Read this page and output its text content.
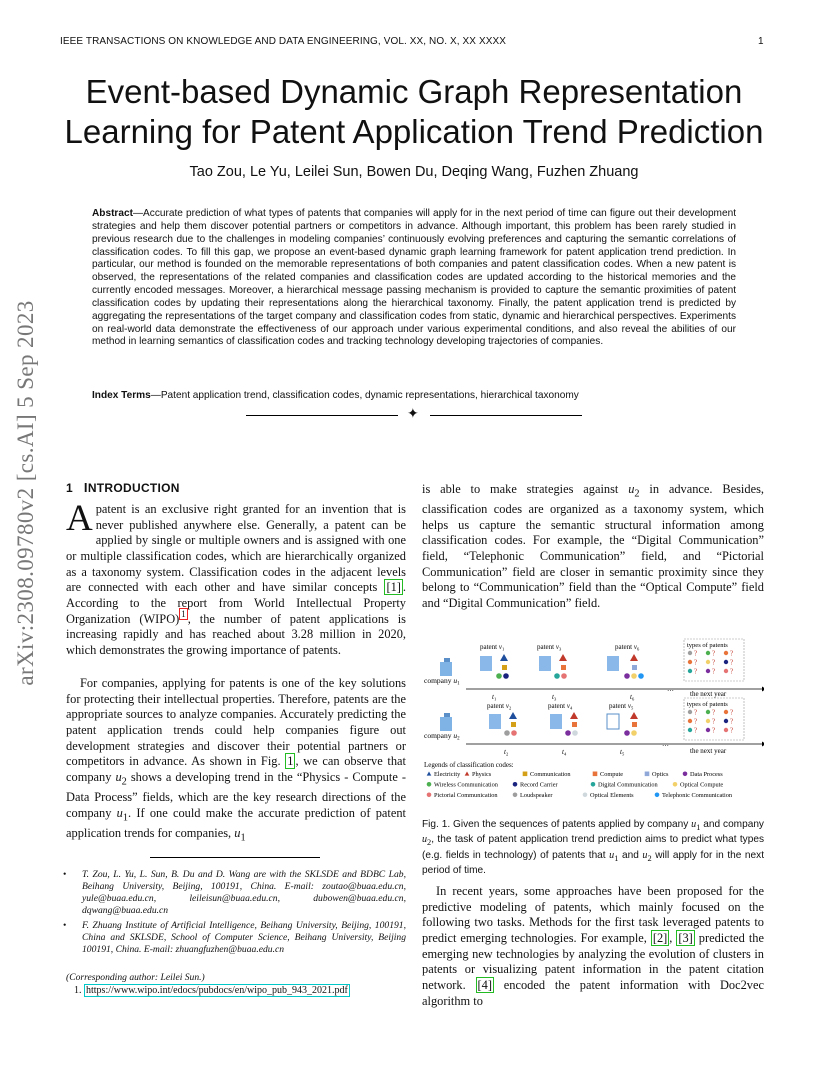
IEEE TRANSACTIONS ON KNOWLEDGE AND DATA ENGINEERING, VOL. XX, NO. X, XX XXXX	1
Event-based Dynamic Graph Representation Learning for Patent Application Trend Prediction
Tao Zou, Le Yu, Leilei Sun, Bowen Du, Deqing Wang, Fuzhen Zhuang
Abstract—Accurate prediction of what types of patents that companies will apply for in the next period of time can figure out their development strategies and help them discover potential partners or competitors in advance. Although important, this problem has been rarely studied in previous research due to the challenges in modeling companies’ continuously evolving preferences and capturing the semantic correlations of classification codes. To fill this gap, we propose an event-based dynamic graph learning framework for patent application trend prediction. In particular, our method is founded on the memorable representations of both companies and patent classification codes. When a new patent is observed, the representations of the related companies and classification codes are updated according to the historical memories and the currently encoded messages. Moreover, a hierarchical message passing mechanism is provided to capture the semantic proximities of patent classification codes by updating their representations along the hierarchical taxonomy. Finally, the patent application trend is predicted by aggregating the representations of the target company and classification codes from static, dynamic and hierarchical perspectives. Experiments on real-world data demonstrate the effectiveness of our approach under various experimental conditions, and also reveal the abilities of our method in learning semantics of classification codes and tracking technology developing trajectories of companies.
Index Terms—Patent application trend, classification codes, dynamic representations, hierarchical taxonomy
✦
arXiv:2308.09780v2 [cs.AI] 5 Sep 2023 1 INTRODUCTION
A patent is an exclusive right granted for an invention that is never published anywhere else. Generally, a patent can be applied by single or multiple owners and is assigned with one or multiple classification codes, which are hierarchically organized as a taxonomy system. Classification codes in the adjacent levels are connected with each other and have similar concepts [1] . According to the report from World Intellectual Property Organization (WIPO) $^1$ , the number of patent applications is increasing rapidly and has reached about 3.28 million in 2020, which demonstrates the growing importance of patents.
For companies, applying for patents is one of the key solutions for protecting their intellectual properties. Therefore, patents are the appropriate sources to analyze companies. Accurately predicting the patent application trends could help companies figure out development strategies and discover their potential partners or competitors in advance. As shown in Fig. 1 , we can observe that company $u_2$ shows a developing trend in the “Physics - Compute - Data Process” fields, which are the key research directions of the company $u_1$. If one could make the accurate prediction of patent application trends for companies, $u_1$
• T. Zou, L. Yu, L. Sun, B. Du and D. Wang are with the SKLSDE and BDBC Lab, Beihang University, Beijing, 100191, China. E-mail: zoutao@buaa.edu.cn, yule@buaa.edu.cn, leileisun@buaa.edu.cn, dubowen@buaa.edu.cn, dqwang@buaa.edu.cn
• F. Zhuang Institute of Artificial Intelligence, Beihang University, Beijing, 100191, China and SKLSDE, School of Computer Science, Beihang University, Beijing 100191, China. E-mail: zhuangfuzhen@buaa.edu.cn
(Corresponding author: Leilei Sun.)
1. https://www.wipo.int/edocs/pubdocs/en/wipo_pub_943_2021.pdf
is able to make strategies against $u_2$ in advance. Besides, classification codes are organized as a taxonomy system, which helps us capture the semantic structural information among classification codes. For example, the “Digital Communication” field, “Telephonic Communication” field, and “Pictorial Communication” field are closer in semantic proximity since they belong to “Communication” field than the “Optical Compute” field and “Digital Communication” field.
company $u_1$
patent $v_1$
$t_1$
patent $v_3$
$t_3$
patent $v_6$
$t_6$
··· the next year
types of patents
company $u_2$
patent $v_2$
$t_2$
patent $v_4$
$t_4$
patent $v_5$
$t_5$
···
the next year
types of patents
Legends of classification codes:
Electricity Physics	Communication	Compute	Optics	Data Process
Wireless Communication	Record Carrier	Digital Communication	Optical Compute
Pictorial Communication	Loudspeaker	Optical Elements	Telephonic Communication
? ? ?
? ? ?
? ? ?
? ? ?
? ? ?
? ? ?
Fig. 1. Given the sequences of patents applied by company $u_1$ and company $u_2$, the task of patent application trend prediction aims to predict what types (e.g. fields in technology) of patents that $u_1$ and $u_2$ will apply for in the next period of time.
In recent years, some approaches have been proposed for the predictive modeling of patents, which mainly focused on the following two tasks. Methods for the first task leveraged patents to predict emerging technologies. For example, [2] , [3] predicted the emerging new technologies by analyzing the evolution of clusters in patents or visualizing patent information in the patent citation network. [4] encoded the patent information with Doc2vec algorithm to
